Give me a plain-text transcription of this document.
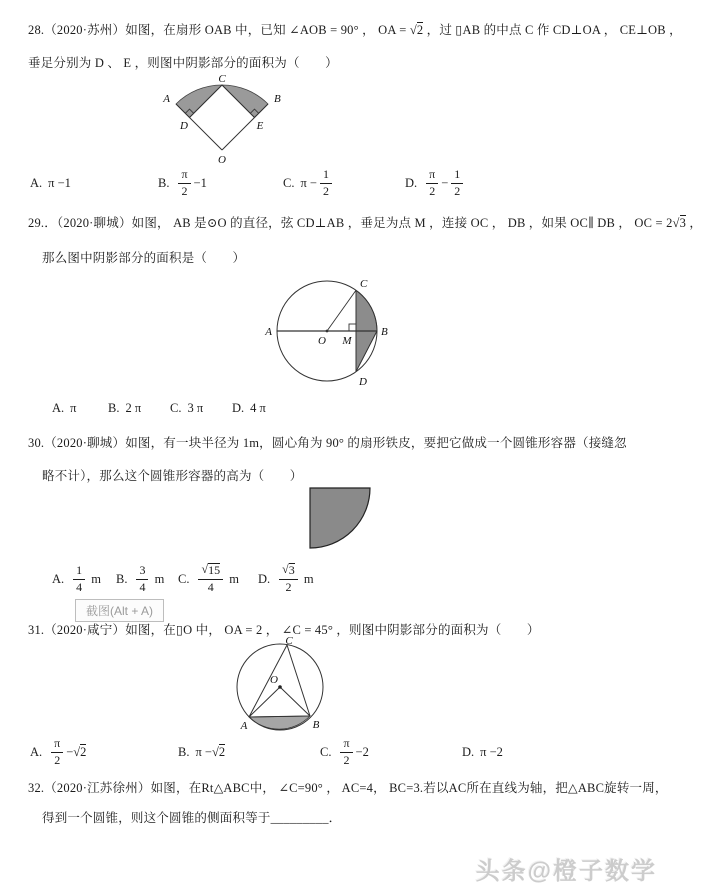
28.（2020·苏州）如图，在扇形 OAB 中，已知 ∠AOB = 90° ， OA = √2 ，过 ▯AB 的中点 C 作 CD⊥OA ， CE⊥OB ，
垂足分别为 D 、 E ，则图中阴影部分的面积为（　　）
C
A	B
D	E
O
A. π −1	B. $\frac{\pi}{2} -1$	C. $\pi - \frac{1}{2}$	D. $\frac{\pi}{2} - \frac{1}{2}$
29.．（2020·聊城）如图， AB 是⊙O 的直径，弦 CD⊥AB ，垂足为点 M ，连接 OC ， DB ，如果 OC∥ DB ， OC = 2√3 ，
那么图中阴影部分的面积是（　　）
A	B
C
D
O M
A. π	B. 2 π C. 3 π D. 4 π
30.（2020·聊城）如图，有一块半径为 1m，圆心角为 90° 的扇形铁皮，要把它做成一个圆锥形容器（接缝忽
略不计），那么这个圆锥形容器的高为（　　）
A. $\frac{1}{4}$ m B. $\frac{3}{4}$ m C. $\frac{√ 15}{4}$ m D. $\frac{√ 3}{2}$ m
截图(Alt + A)
31.（2020·咸宁）如图，在▯O 中， OA = 2 ， ∠C = 45° ，则图中阴影部分的面积为（　　）
C
A	B
O
A. $\frac{\pi}{2} -√2$	B. π −√2	C. $\frac{\pi}{2} -2$	D. π −2
32.（2020·江苏徐州）如图，在Rt△ABC中， ∠C=90° ， AC=4， BC=3.若以AC所在直线为轴，把△ABC旋转一周，
得到一个圆锥，则这个圆锥的侧面积等于_________．
头条@橙子数学
